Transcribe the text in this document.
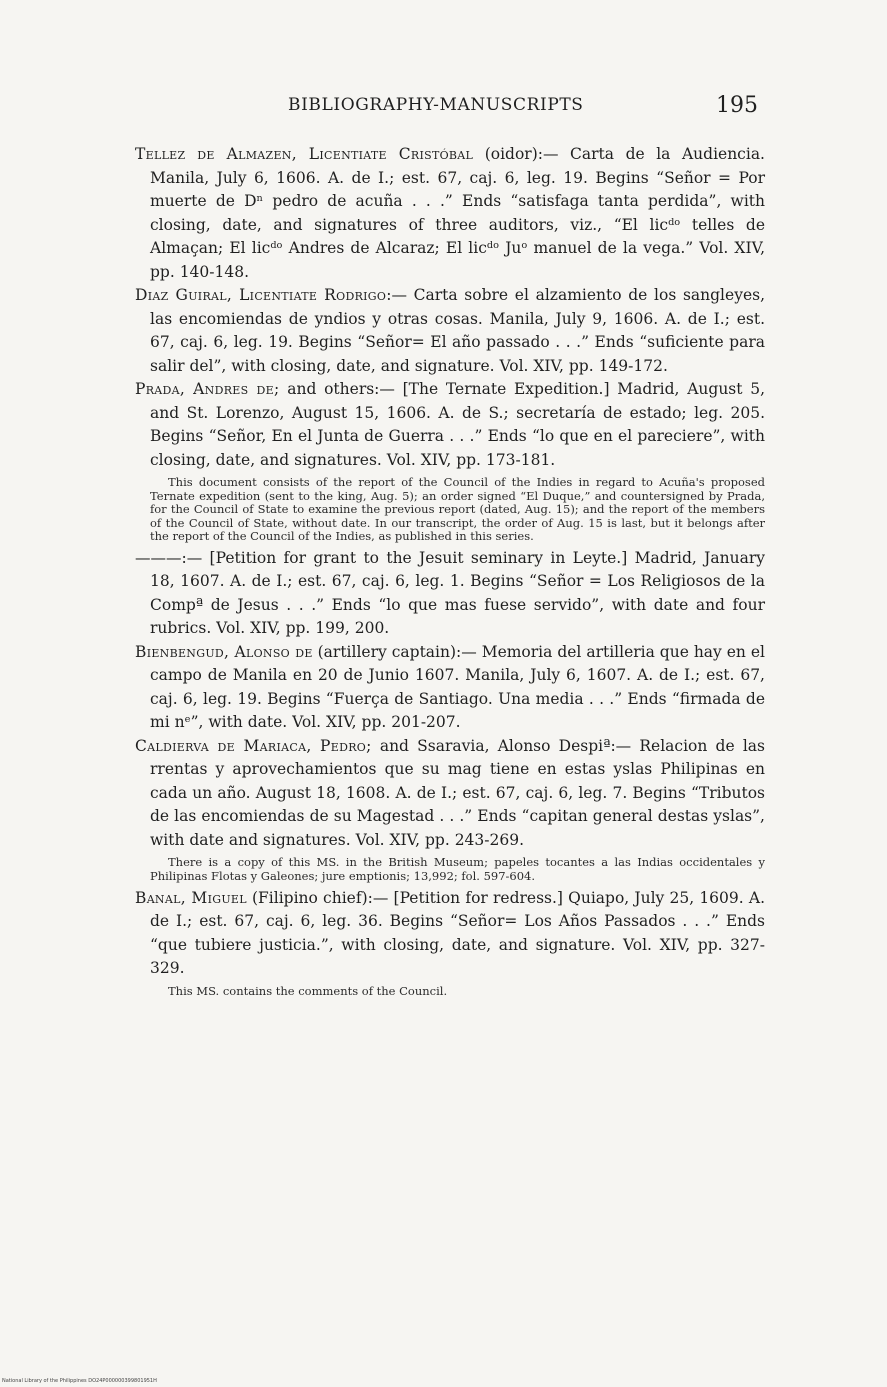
BIBLIOGRAPHY-MANUSCRIPTS	195

Tellez de Almazen, Licentiate Cristóbal (oidor):— Carta de la Audiencia. Manila, July 6, 1606. A. de I.; est. 67, caj. 6, leg. 19. Begins “Señor = Por muerte de Dⁿ pedro de acuña . . .” Ends “satisfaga tanta perdida”, with closing, date, and signatures of three auditors, viz., “El licᵈᵒ telles de Almaçan; El licᵈᵒ Andres de Alcaraz; El licᵈᵒ Juᵒ manuel de la vega.” Vol. XIV, pp. 140-148.

Diaz Guiral, Licentiate Rodrigo:— Carta sobre el alzamiento de los sangleyes, las encomiendas de yndios y otras cosas. Manila, July 9, 1606. A. de I.; est. 67, caj. 6, leg. 19. Begins “Señor= El año passado . . .” Ends “suficiente para salir del”, with closing, date, and signature. Vol. XIV, pp. 149-172.

Prada, Andres de; and others:— [The Ternate Expedition.] Madrid, August 5, and St. Lorenzo, August 15, 1606. A. de S.; secretaría de estado; leg. 205. Begins “Señor, En el Junta de Guerra . . .” Ends “lo que en el pareciere”, with closing, date, and signatures. Vol. XIV, pp. 173-181.

This document consists of the report of the Council of the Indies in regard to Acuña's proposed Ternate expedition (sent to the king, Aug. 5); an order signed “El Duque,” and countersigned by Prada, for the Council of State to examine the previous report (dated, Aug. 15); and the report of the members of the Council of State, without date. In our transcript, the order of Aug. 15 is last, but it belongs after the report of the Council of the Indies, as published in this series.

———:— [Petition for grant to the Jesuit seminary in Leyte.] Madrid, January 18, 1607. A. de I.; est. 67, caj. 6, leg. 1. Begins “Señor = Los Religiosos de la Compª de Jesus . . .” Ends “lo que mas fuese servido”, with date and four rubrics. Vol. XIV, pp. 199, 200.

Bienbengud, Alonso de (artillery captain):— Memoria del artilleria que hay en el campo de Manila en 20 de Junio 1607. Manila, July 6, 1607. A. de I.; est. 67, caj. 6, leg. 19. Begins “Fuerça de Santiago. Una media . . .” Ends “firmada de mi nᵉ”, with date. Vol. XIV, pp. 201-207.

Caldierva de Mariaca, Pedro; and Ssaravia, Alonso Despiª:— Relacion de las rrentas y aprovechamientos que su mag tiene en estas yslas Philipinas en cada un año. August 18, 1608. A. de I.; est. 67, caj. 6, leg. 7. Begins “Tributos de las encomiendas de su Magestad . . .” Ends “capitan general destas yslas”, with date and signatures. Vol. XIV, pp. 243-269.

There is a copy of this MS. in the British Museum; papeles tocantes a las Indias occidentales y Philipinas Flotas y Galeones; jure emptionis; 13,992; fol. 597-604.

Banal, Miguel (Filipino chief):— [Petition for redress.] Quiapo, July 25, 1609. A. de I.; est. 67, caj. 6, leg. 36. Begins “Señor= Los Años Passados . . .” Ends “que tubiere justicia.”, with closing, date, and signature. Vol. XIV, pp. 327-329.

This MS. contains the comments of the Council.

National Library of the Philippines DO24P000000399801951H
